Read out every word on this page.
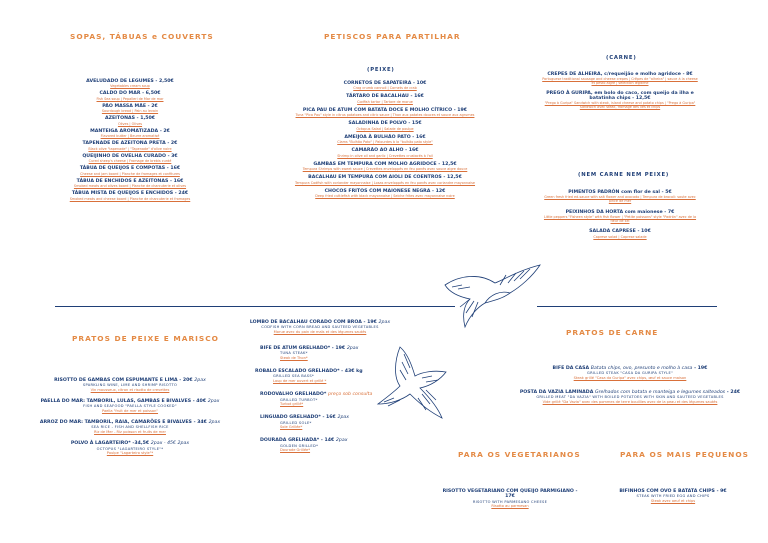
SOPAS, TÁBUAS e COUVERTS	PETISCOS PARA PARTILHAR
(PEIXE)
(CARNE)
(NEM CARNE NEM PEIXE)
AVELUDADO DE LEGUMES - 2,50€
Vegetables cream soup
CALDO DO MAR - 6,50€
Fish Sea soup | Pepalleri de Mar de mar
PÃO MASSA MÃE - 2€
Sourdough bread | Pain au levain
AZEITONAS - 1,50€
Olives | Olives
MANTEIGA AROMATIZADA - 2€
Flavored butter | Beurre aromatisé
TAPENADE DE AZEITONA PRETA - 2€
Black olive "tapenade" | "Tapenade" d'olive noire
QUEIJINHO DE OVELHA CURADO - 3€
Cured sheep's cheese | Fromage de brebis curdé
TÁBUA DE QUEIJOS E COMPOTAS - 16€
Cheese and jam board | Planche de fromages et confitures
TÁBUA DE ENCHIDOS E AZEITONAS - 16€
Smoked meats and olives board | Planche de charcuterie et olives
TÁBUA MISTA DE QUEIJOS E ENCHIDOS - 24€
Smoked meats and cheese board | Planche de charcuterie et fromages
CORNETOS DE SAPATEIRA - 10€
Crag crumb cannoli | Cornets de crab
TÁRTARO DE BACALHAU - 16€
Codfish tartar | Tartare de morue
PICA PAU DE ATUM COM BATATA DOCE E MOLHO CÍTRICO - 19€
Tuna "Pica Pau" style in citrus potatoes and citric sauce | Thon aux patates douces et sauce aux agrumes
SALADINHA DE POLVO - 15€
Octopus Salad | Salade de poulpe
AMEIJOA À BULHÃO PATO - 16€
Clams "Bulhão Pato" | Palourdes à la "bulhão pato style"
CAMARÃO AO ALHO - 16€
Shrimp in olive oil and garlic | Crevettes crustacés à l'ail
GAMBAS EM TEMPURA COM MOLHO AGRIDOCE - 12,5€
Tempura Shrimps with sweet sauce | Crevettes enveloppés en feu panés avec sauce aigre douce
BACALHAU EM TEMPURA COM AIOLI DE COENTROS - 12,5€
Tempura Codfish with coriander mayonnaise | Losas enveloppés en feu panés avec coriandre mayonnaise
CHOCOS FRITOS COM MAIONESE NEGRA - 12€
Deep fried cuttlefish with black mayonnaise | Seiche frites avec mayonnaise noire
CREPES DE ALHEIRA, c/requeijão e molho agridoce - 8€
Portuguese traditional sausage and cheese crepes | Crêpes de "alheira" | sauce à la cheese et pesto aigre | sélection légitime
PREGO À GURIPA, em bolo do caco, com queijo da ilha e batatinha chips - 12,5€
"Prego à Guripa" Sandwich with steak, island cheese and potato chips | "Prego à Guripa" Sandwich avec steak, fromage des îles et chips
PIMENTOS PADRÓN com flor de sal - 5€
Green fresh fried ed-sauce with salt flower and avocado | Tempura de brocoli: saute avec pince de mer
PEIXINHOS DA HORTA com maionese - 7€
Little peppers "Fisheen style" with fish flower | "Petite poissons" style "Padrón" avec de la fleur de sel
SALADA CAPRESE - 10€
Caprese salad | Caprese salade
PRATOS DE PEIXE E MARISCO
PRATOS DE CARNE
PARA OS VEGETARIANOS	PARA OS MAIS PEQUENOS
RISOTTO DE GAMBAS COM ESPUMANTE E LIMA - 20€ 2pax
SPARKLING WINE, LIME AND SHRIMP RISOTTO
Vin mousseux, citron et risotto de crevettes
PAELLA DO MAR: TAMBORIL, LULAS, GAMBAS E BIVALVES - 40€ 2pax
FISH AND SEAFOOD "PAELLA STYLE COOKED"
Paella "fruit de mer et poisson"
ARROZ DO MAR: TAMBORIL, RAIA, CAMARÕES E BIVALVES - 34€ 2pax
SEA RICE - FISH AND SHELLFISH RICE
Riz de Mer - Riz poisson et fruits de mer
POLVO À LAGARTEIRO* -34,5€ 2pax - 45€ 2pax
OCTOPUS "LAGARTEIRO STYLE"*
Poulpe "Lagarteiro style"*
LOMBO DE BACALHAU CORADO COM BROA - 19€ 2pax
CODFISH WITH CORN BREAD AND SAUTEED VEGETABLES
Morue avec du pain de maïs et des légumes sautés
BIFE DE ATUM GRELHADO* - 19€ 2pax
TUNA STEAK*
Steak de Thon*
ROBALO ESCALADO GRELHADO* - 43€ kg
GRILLED SEA BASS*
Loup de mer ouvert et grillé *
RODOVALHO GRELHADO* preço sob consulta
GRILLED TURBOT*
Turbot grillé*
LINGUADO GRELHADO* - 16€ 2pax
GRILLED SOLE*
Sole Grillée*
DOURADA GRELHADA* - 14€ 2pax
GOLDEN GRILLED*
Dourade Grillée*
BIFE DA CASA Batata chips, ovo, presunto e molho à casa - 19€
GRILLED STEAK "CASA DA GURIPA STYLE"
Steak grillé "Casa da Guripa" avec chips, œuf et sauce maison
POSTA DA VAZIA LAMINADA Grelhados com batata e manteiga e legumes salteados - 24€
GRILLED MEAT "DA VAZIA" WITH BOILED POTATOES WITH SKIN AND SAUTEED VEGETABLES
Vide grillé "Da Vazia" avec des pommes de terre bouillies avec de la peau et des légumes sautés
RISOTTO VEGETARIANO COM QUEIJO PARMIGIANO - 17€
RISOTTO WITH PARMESANO CHEESE
Risotto au parmesan
BIFINHOS COM OVO E BATATA CHIPS - 9€
STEAK WITH FRIED EGG AND CHIPS
Steak avec oeuf et chips
